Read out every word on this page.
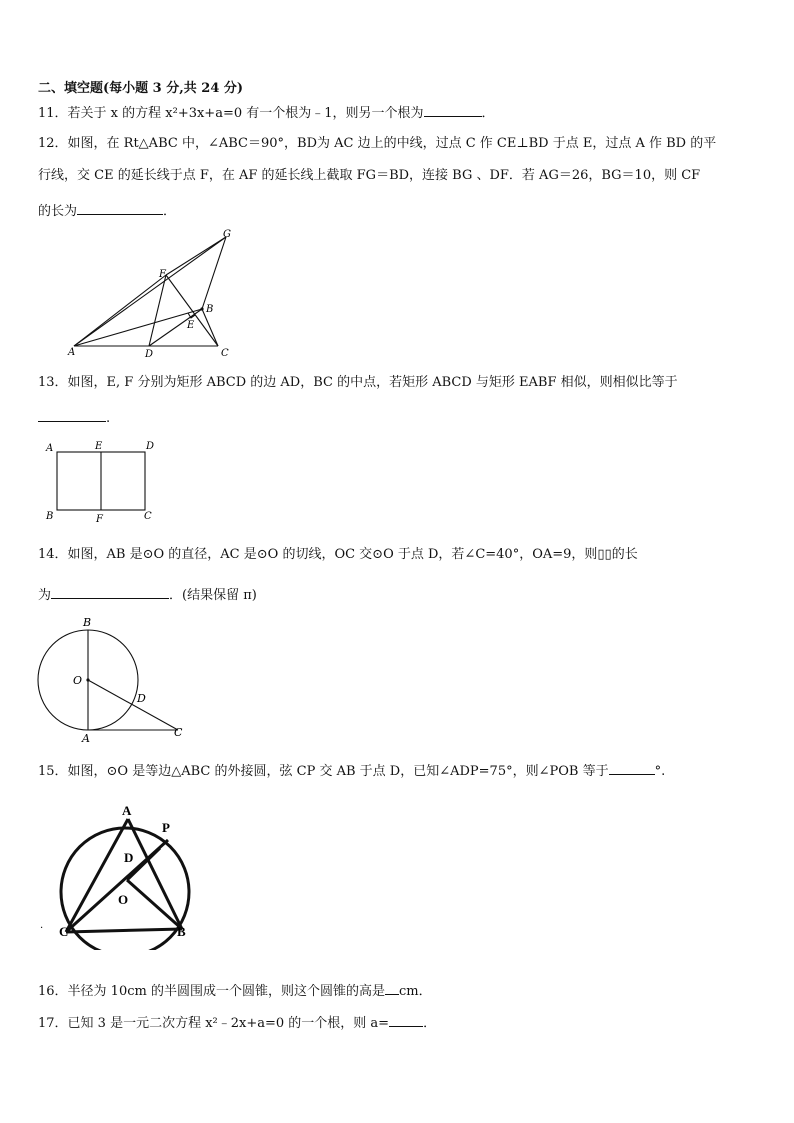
二、填空题(每小题 3 分,共 24 分)
11．若关于 x 的方程 x²+3x+a=0 有一个根为﹣1，则另一个根为	．
12．如图，在 Rt△ABC 中，∠ABC＝90°，BD为 AC 边上的中线，过点 C 作 CE⊥BD 于点 E，过点 A 作 BD 的平
行线，交 CE 的延长线于点 F，在 AF 的延长线上截取 FG＝BD，连接 BG 、DF．若 AG＝26，BG＝10，则 CF
的长为	．
G
F
B
E
A	D	C
13．如图，E, F 分别为矩形 ABCD 的边 AD，BC 的中点，若矩形 ABCD 与矩形 EABF 相似，则相似比等于
.
A	E	D
B	F	C
14．如图，AB 是⊙O 的直径，AC 是⊙O 的切线，OC 交⊙O 于点 D，若∠C=40°，OA=9，则▯▯的长
为	．(结果保留 π)
B
O
D
A	C
15．如图，⊙O 是等边△ABC 的外接圆，弦 CP 交 AB 于点 D，已知∠ADP=75°，则∠POB 等于	°.
A
P
D
O
C	B
.
16．半径为 10cm 的半圆围成一个圆锥，则这个圆锥的高是 cm．
17．已知 3 是一元二次方程 x²﹣2x+a=0 的一个根，则 a=	．
